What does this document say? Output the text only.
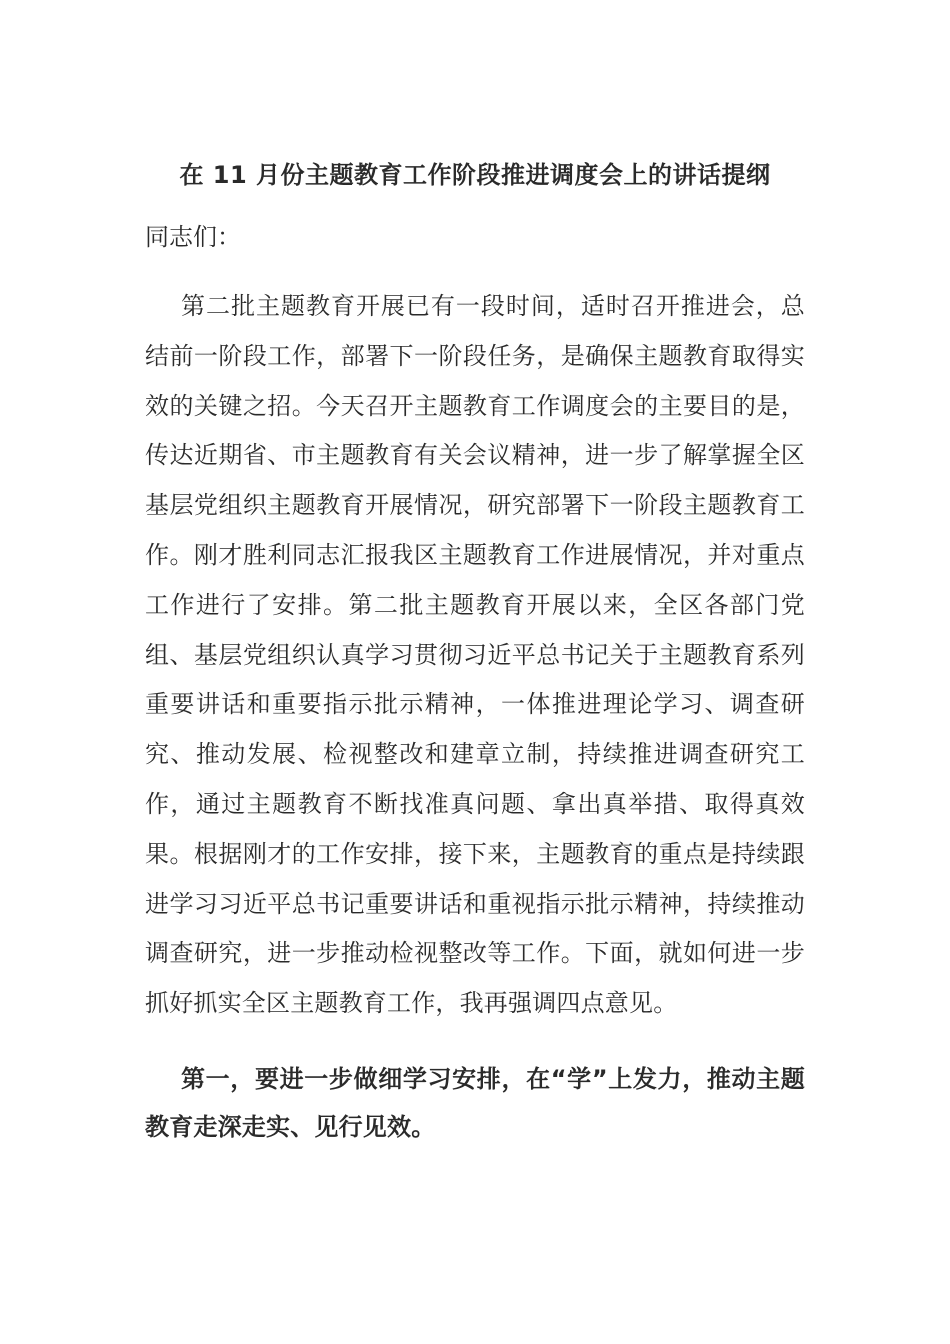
在 11 月份主题教育工作阶段推进调度会上的讲话提纲

同志们：

第二批主题教育开展已有一段时间，适时召开推进会，总结前一阶段工作，部署下一阶段任务，是确保主题教育取得实效的关键之招。今天召开主题教育工作调度会的主要目的是，传达近期省、市主题教育有关会议精神，进一步了解掌握全区基层党组织主题教育开展情况，研究部署下一阶段主题教育工作。刚才胜利同志汇报我区主题教育工作进展情况，并对重点工作进行了安排。第二批主题教育开展以来，全区各部门党组、基层党组织认真学习贯彻习近平总书记关于主题教育系列重要讲话和重要指示批示精神，一体推进理论学习、调查研究、推动发展、检视整改和建章立制，持续推进调查研究工作，通过主题教育不断找准真问题、拿出真举措、取得真效果。根据刚才的工作安排，接下来，主题教育的重点是持续跟进学习习近平总书记重要讲话和重视指示批示精神，持续推动调查研究，进一步推动检视整改等工作。下面，就如何进一步抓好抓实全区主题教育工作，我再强调四点意见。

第一，要进一步做细学习安排，在“学”上发力，推动主题教育走深走实、见行见效。
